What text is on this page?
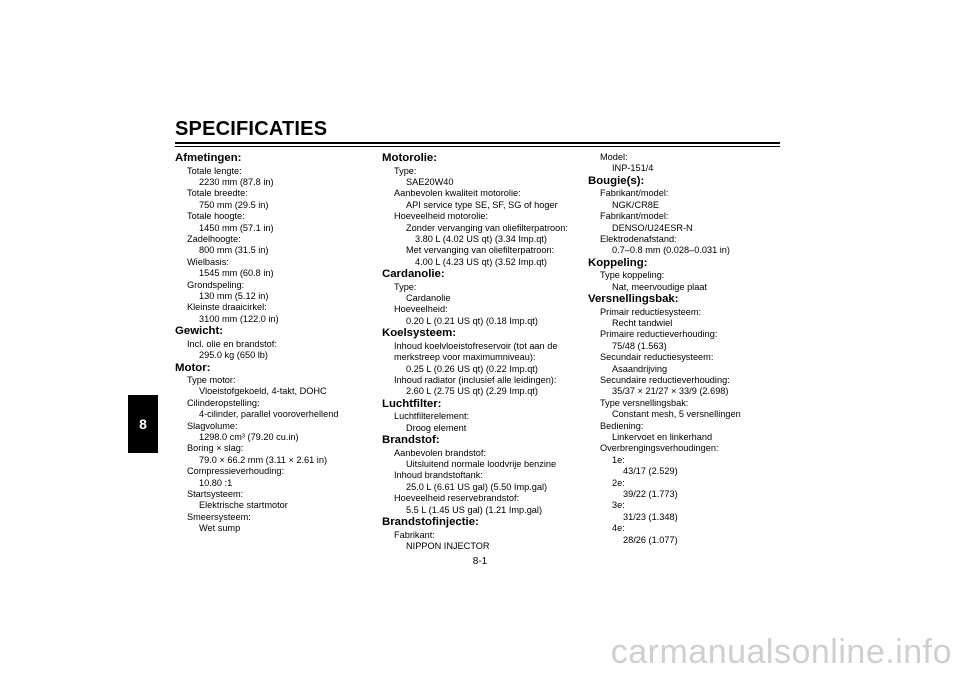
SPECIFICATIES
8

Afmetingen:

Totale lengte:

2230 mm (87.8 in)

Totale breedte:

750 mm (29.5 in)

Totale hoogte:

1450 mm (57.1 in)

Zadelhoogte:

800 mm (31.5 in)

Wielbasis:

1545 mm (60.8 in)

Grondspeling:

130 mm (5.12 in)

Kleinste draaicirkel:

3100 mm (122.0 in)

Gewicht:

Incl. olie en brandstof:

295.0 kg (650 lb)

Motor:

Type motor:

Vloeistofgekoeld, 4-takt, DOHC

Cilinderopstelling:

4-cilinder, parallel vooroverhellend

Slagvolume:

1298.0 cm³ (79.20 cu.in)

Boring × slag:

79.0 × 66.2 mm (3.11 × 2.61 in)

Compressieverhouding:

10.80 :1

Startsysteem:

Elektrische startmotor

Smeersysteem:

Wet sump

Motorolie:

Type:

SAE20W40

Aanbevolen kwaliteit motorolie:

API service type SE, SF, SG of hoger

Hoeveelheid motorolie:

Zonder vervanging van oliefilterpatroon:

3.80 L (4.02 US qt) (3.34 Imp.qt)

Met vervanging van oliefilterpatroon:

4.00 L (4.23 US qt) (3.52 Imp.qt)

Cardanolie:

Type:

Cardanolie

Hoeveelheid:

0.20 L (0.21 US qt) (0.18 Imp.qt)

Koelsysteem:

Inhoud koelvloeistofreservoir (tot aan de

merkstreep voor maximumniveau):

0.25 L (0.26 US qt) (0.22 Imp.qt)

Inhoud radiator (inclusief alle leidingen):

2.60 L (2.75 US qt) (2.29 Imp.qt)

Luchtfilter:

Luchtfilterelement:

Droog element

Brandstof:

Aanbevolen brandstof:

Uitsluitend normale loodvrije benzine

Inhoud brandstoftank:

25.0 L (6.61 US gal) (5.50 Imp.gal)

Hoeveelheid reservebrandstof:

5.5 L (1.45 US gal) (1.21 Imp.gal)

Brandstofinjectie:

Fabrikant:

NIPPON INJECTOR

Model:

INP-151/4

Bougie(s):

Fabrikant/model:

NGK/CR8E

Fabrikant/model:

DENSO/U24ESR-N

Elektrodenafstand:

0.7–0.8 mm (0.028–0.031 in)

Koppeling:

Type koppeling:

Nat, meervoudige plaat

Versnellingsbak:

Primair reductiesysteem:

Recht tandwiel

Primaire reductieverhouding:

75/48 (1.563)

Secundair reductiesysteem:

Asaandrijving

Secundaire reductieverhouding:

35/37 × 21/27 × 33/9 (2.698)

Type versnellingsbak:

Constant mesh, 5 versnellingen

Bediening:

Linkervoet en linkerhand

Overbrengingsverhoudingen:

1e:

43/17 (2.529)

2e:

39/22 (1.773)

3e:

31/23 (1.348)

4e:

28/26 (1.077)

8-1
carmanualsonline.info
